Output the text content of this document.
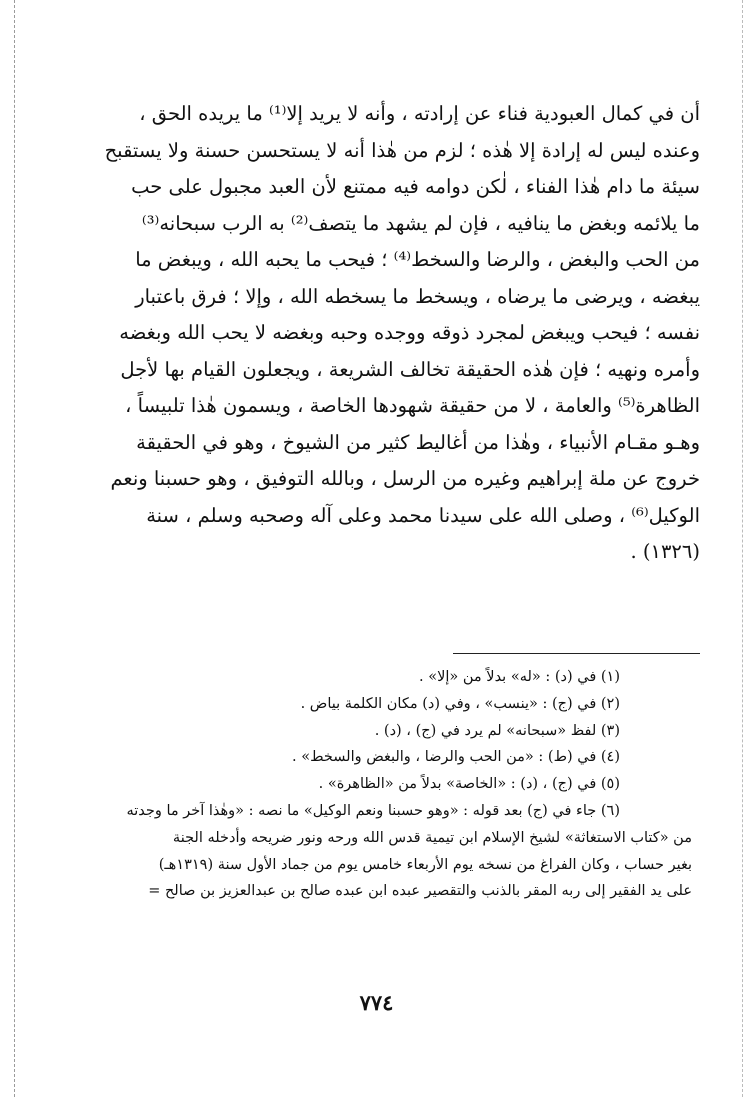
أن في كمال العبودية فناء عن إرادته ، وأنه لا يريد إلا⁽¹⁾ ما يريده الحق ،
وعنده ليس له إرادة إلا هٰذه ؛ لزم من هٰذا أنه لا يستحسن حسنة ولا يستقبح
سيئة ما دام هٰذا الفناء ، لٰكن دوامه فيه ممتنع لأن العبد مجبول على حب
ما يلائمه وبغض ما ينافيه ، فإن لم يشهد ما يتصف⁽²⁾ به الرب سبحانه⁽³⁾
من الحب والبغض ، والرضا والسخط⁽⁴⁾ ؛ فيحب ما يحبه الله ، ويبغض ما
يبغضه ، ويرضى ما يرضاه ، ويسخط ما يسخطه الله ، وإلا ؛ فرق باعتبار
نفسه ؛ فيحب ويبغض لمجرد ذوقه ووجده وحبه وبغضه لا يحب الله وبغضه
وأمره ونهيه ؛ فإن هٰذه الحقيقة تخالف الشريعة ، ويجعلون القيام بها لأجل
الظاهرة⁽⁵⁾ والعامة ، لا من حقيقة شهودها الخاصة ، ويسمون هٰذا تلبيساً ،
وهـو مقـام الأنبياء ، وهٰذا من أغاليط كثير من الشيوخ ، وهو في الحقيقة
خروج عن ملة إبراهيم وغيره من الرسل ، وبالله التوفيق ، وهو حسبنا ونعم
الوكيل⁽⁶⁾ ، وصلى الله على سيدنا محمد وعلى آله وصحبه وسلم ، سنة
(١٣٢٦) .
(١) في (د) : «له» بدلاً من «إلا» .
(٢) في (ج) : «ينسب» ، وفي (د) مكان الكلمة بياض .
(٣) لفظ «سبحانه» لم يرد في (ج) ، (د) .
(٤) في (ط) : «من الحب والرضا ، والبغض والسخط» .
(٥) في (ج) ، (د) : «الخاصة» بدلاً من «الظاهرة» .
(٦) جاء في (ج) بعد قوله : «وهو حسبنا ونعم الوكيل» ما نصه : «وهٰذا آخر ما وجدته
من «كتاب الاستغاثة» لشيخ الإسلام ابن تيمية قدس الله ورحه ونور ضريحه وأدخله الجنة
بغير حساب ، وكان الفراغ من نسخه يوم الأربعاء خامس يوم من جماد الأول سنة (١٣١٩هـ)
على يد الفقير إلى ربه المقر بالذنب والتقصير عبده ابن عبده صالح بن عبدالعزيز بن صالح =
٧٧٤
